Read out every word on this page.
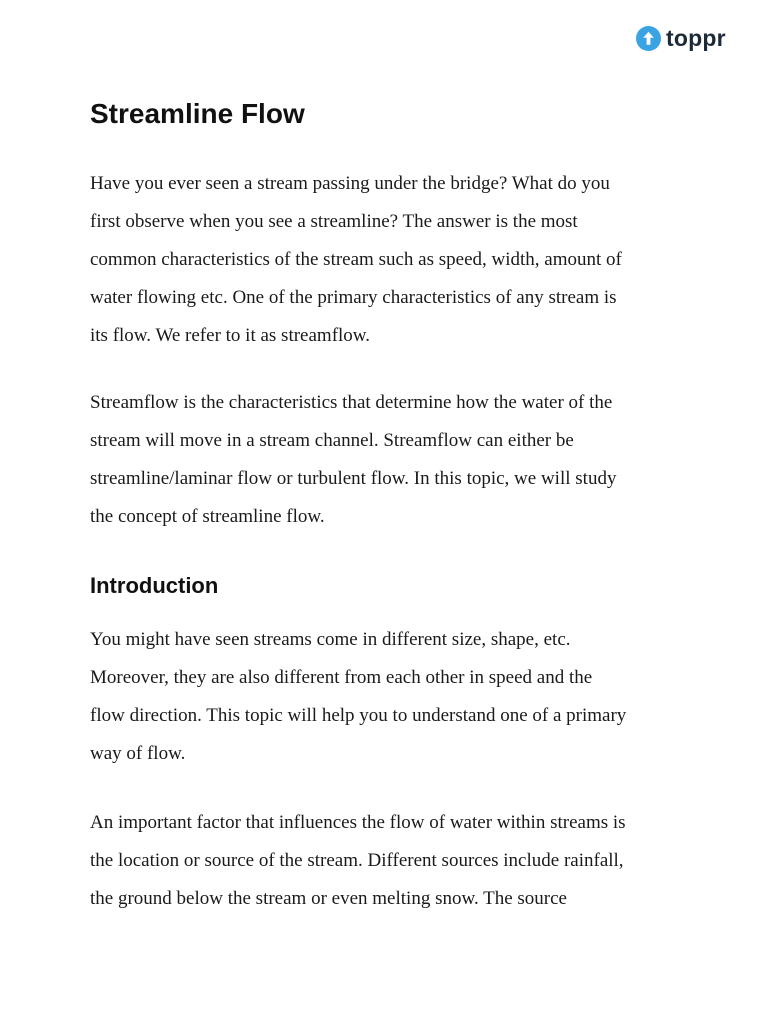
toppr
Streamline Flow

Have you ever seen a stream passing under the bridge? What do you
first observe when you see a streamline? The answer is the most
common characteristics of the stream such as speed, width, amount of
water flowing etc. One of the primary characteristics of any stream is
its flow. We refer to it as streamflow.

Streamflow is the characteristics that determine how the water of the
stream will move in a stream channel. Streamflow can either be
streamline/laminar flow or turbulent flow. In this topic, we will study
the concept of streamline flow.

Introduction

You might have seen streams come in different size, shape, etc.
Moreover, they are also different from each other in speed and the
flow direction. This topic will help you to understand one of a primary
way of flow.

An important factor that influences the flow of water within streams is
the location or source of the stream. Different sources include rainfall,
the ground below the stream or even melting snow. The source
